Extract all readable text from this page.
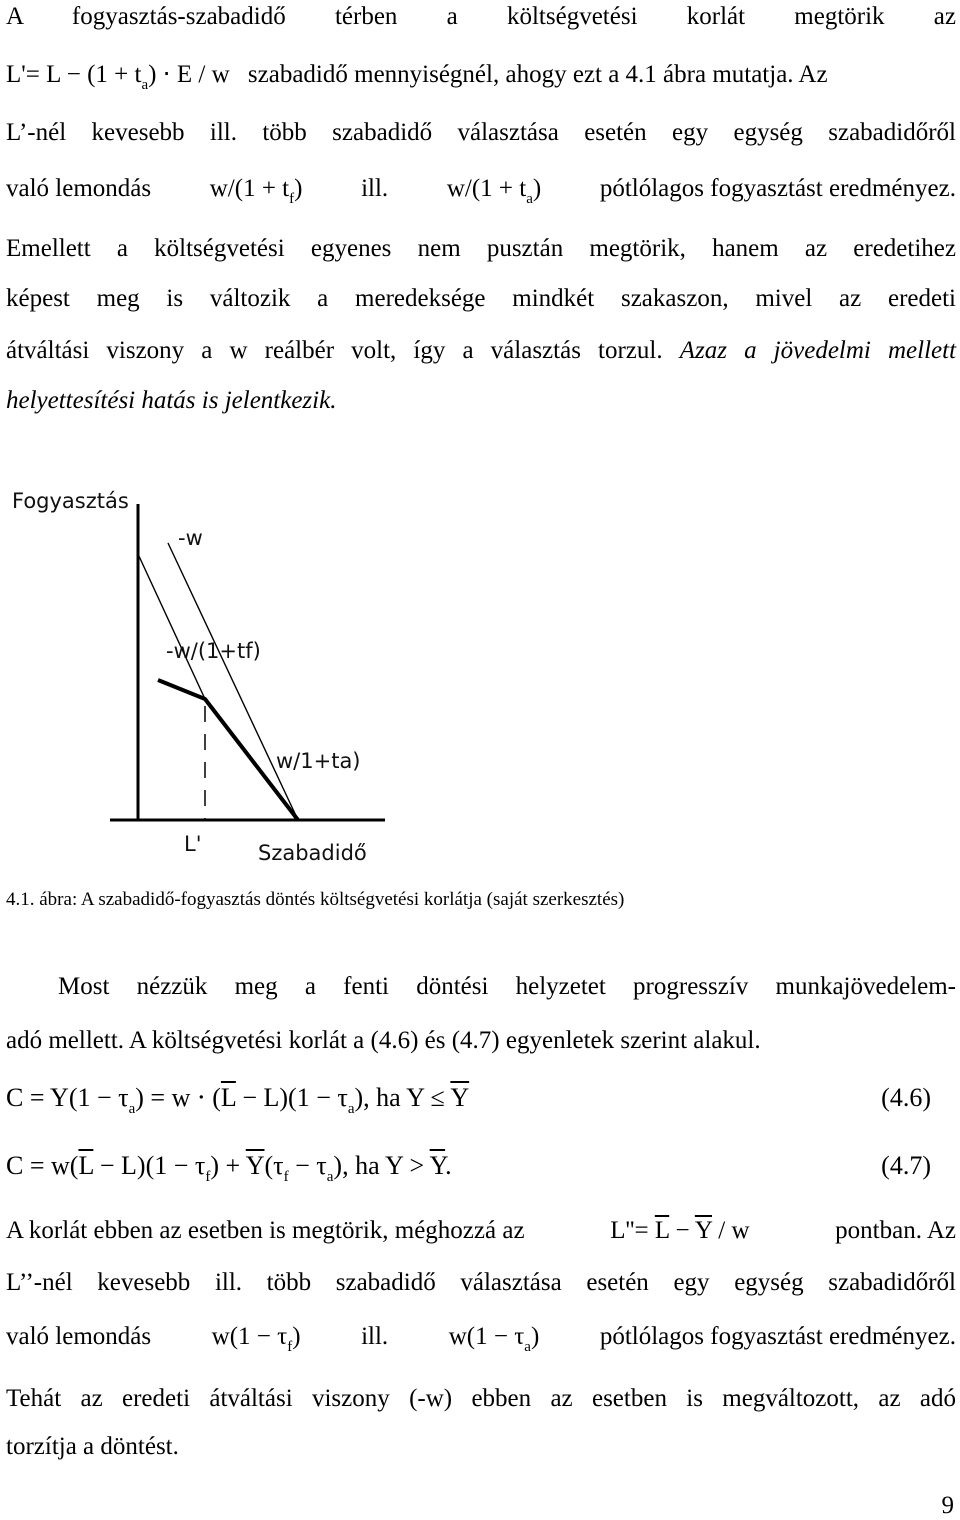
A fogyasztás-szabadidő térben a költségvetési korlát megtörik az
$L'= L - (1 + t_a) \cdot E / w$ szabadidő mennyiségnél, ahogy ezt a 4.1 ábra mutatja. Az
L’-nél kevesebb ill. több szabadidő választása esetén egy egység szabadidőről
való lemondás $w/(1 + t_f)$ ill. $w/(1 + t_a)$ pótlólagos fogyasztást eredményez.
Emellett a költségvetési egyenes nem pusztán megtörik, hanem az eredetihez
képest meg is változik a meredeksége mindkét szakaszon, mivel az eredeti
átváltási viszony a w reálbér volt, így a választás torzul. Azaz a jövedelmi mellett
helyettesítési hatás is jelentkezik.
Fogyasztás
-w
-w/(1+tf)
w/1+ta)
L'	Szabadidő
4.1. ábra: A szabadidő-fogyasztás döntés költségvetési korlátja (saját szerkesztés)
Most nézzük meg a fenti döntési helyzetet progresszív munkajövedelem-
adó mellett. A költségvetési korlát a (4.6) és (4.7) egyenletek szerint alakul.
$C = Y(1 - \tau_a) = w \cdot (\overline{L} - L)(1 - \tau_a)$, ha $Y \le \overline{Y}$	(4.6)
$C = w(\overline{L} - L)(1 - \tau_f) + \overline{Y}(\tau_f - \tau_a)$, ha $Y > \overline{Y}$.	(4.7)
A korlát ebben az esetben is megtörik, méghozzá az	$L''= \overline{L} - \overline{Y} / w$	pontban. Az
L’’-nél kevesebb ill. több szabadidő választása esetén egy egység szabadidőről
való lemondás $w(1 - \tau_f)$ ill. $w(1 - \tau_a)$ pótlólagos fogyasztást eredményez.
Tehát az eredeti átváltási viszony (-w) ebben az esetben is megváltozott, az adó
torzítja a döntést.
9
